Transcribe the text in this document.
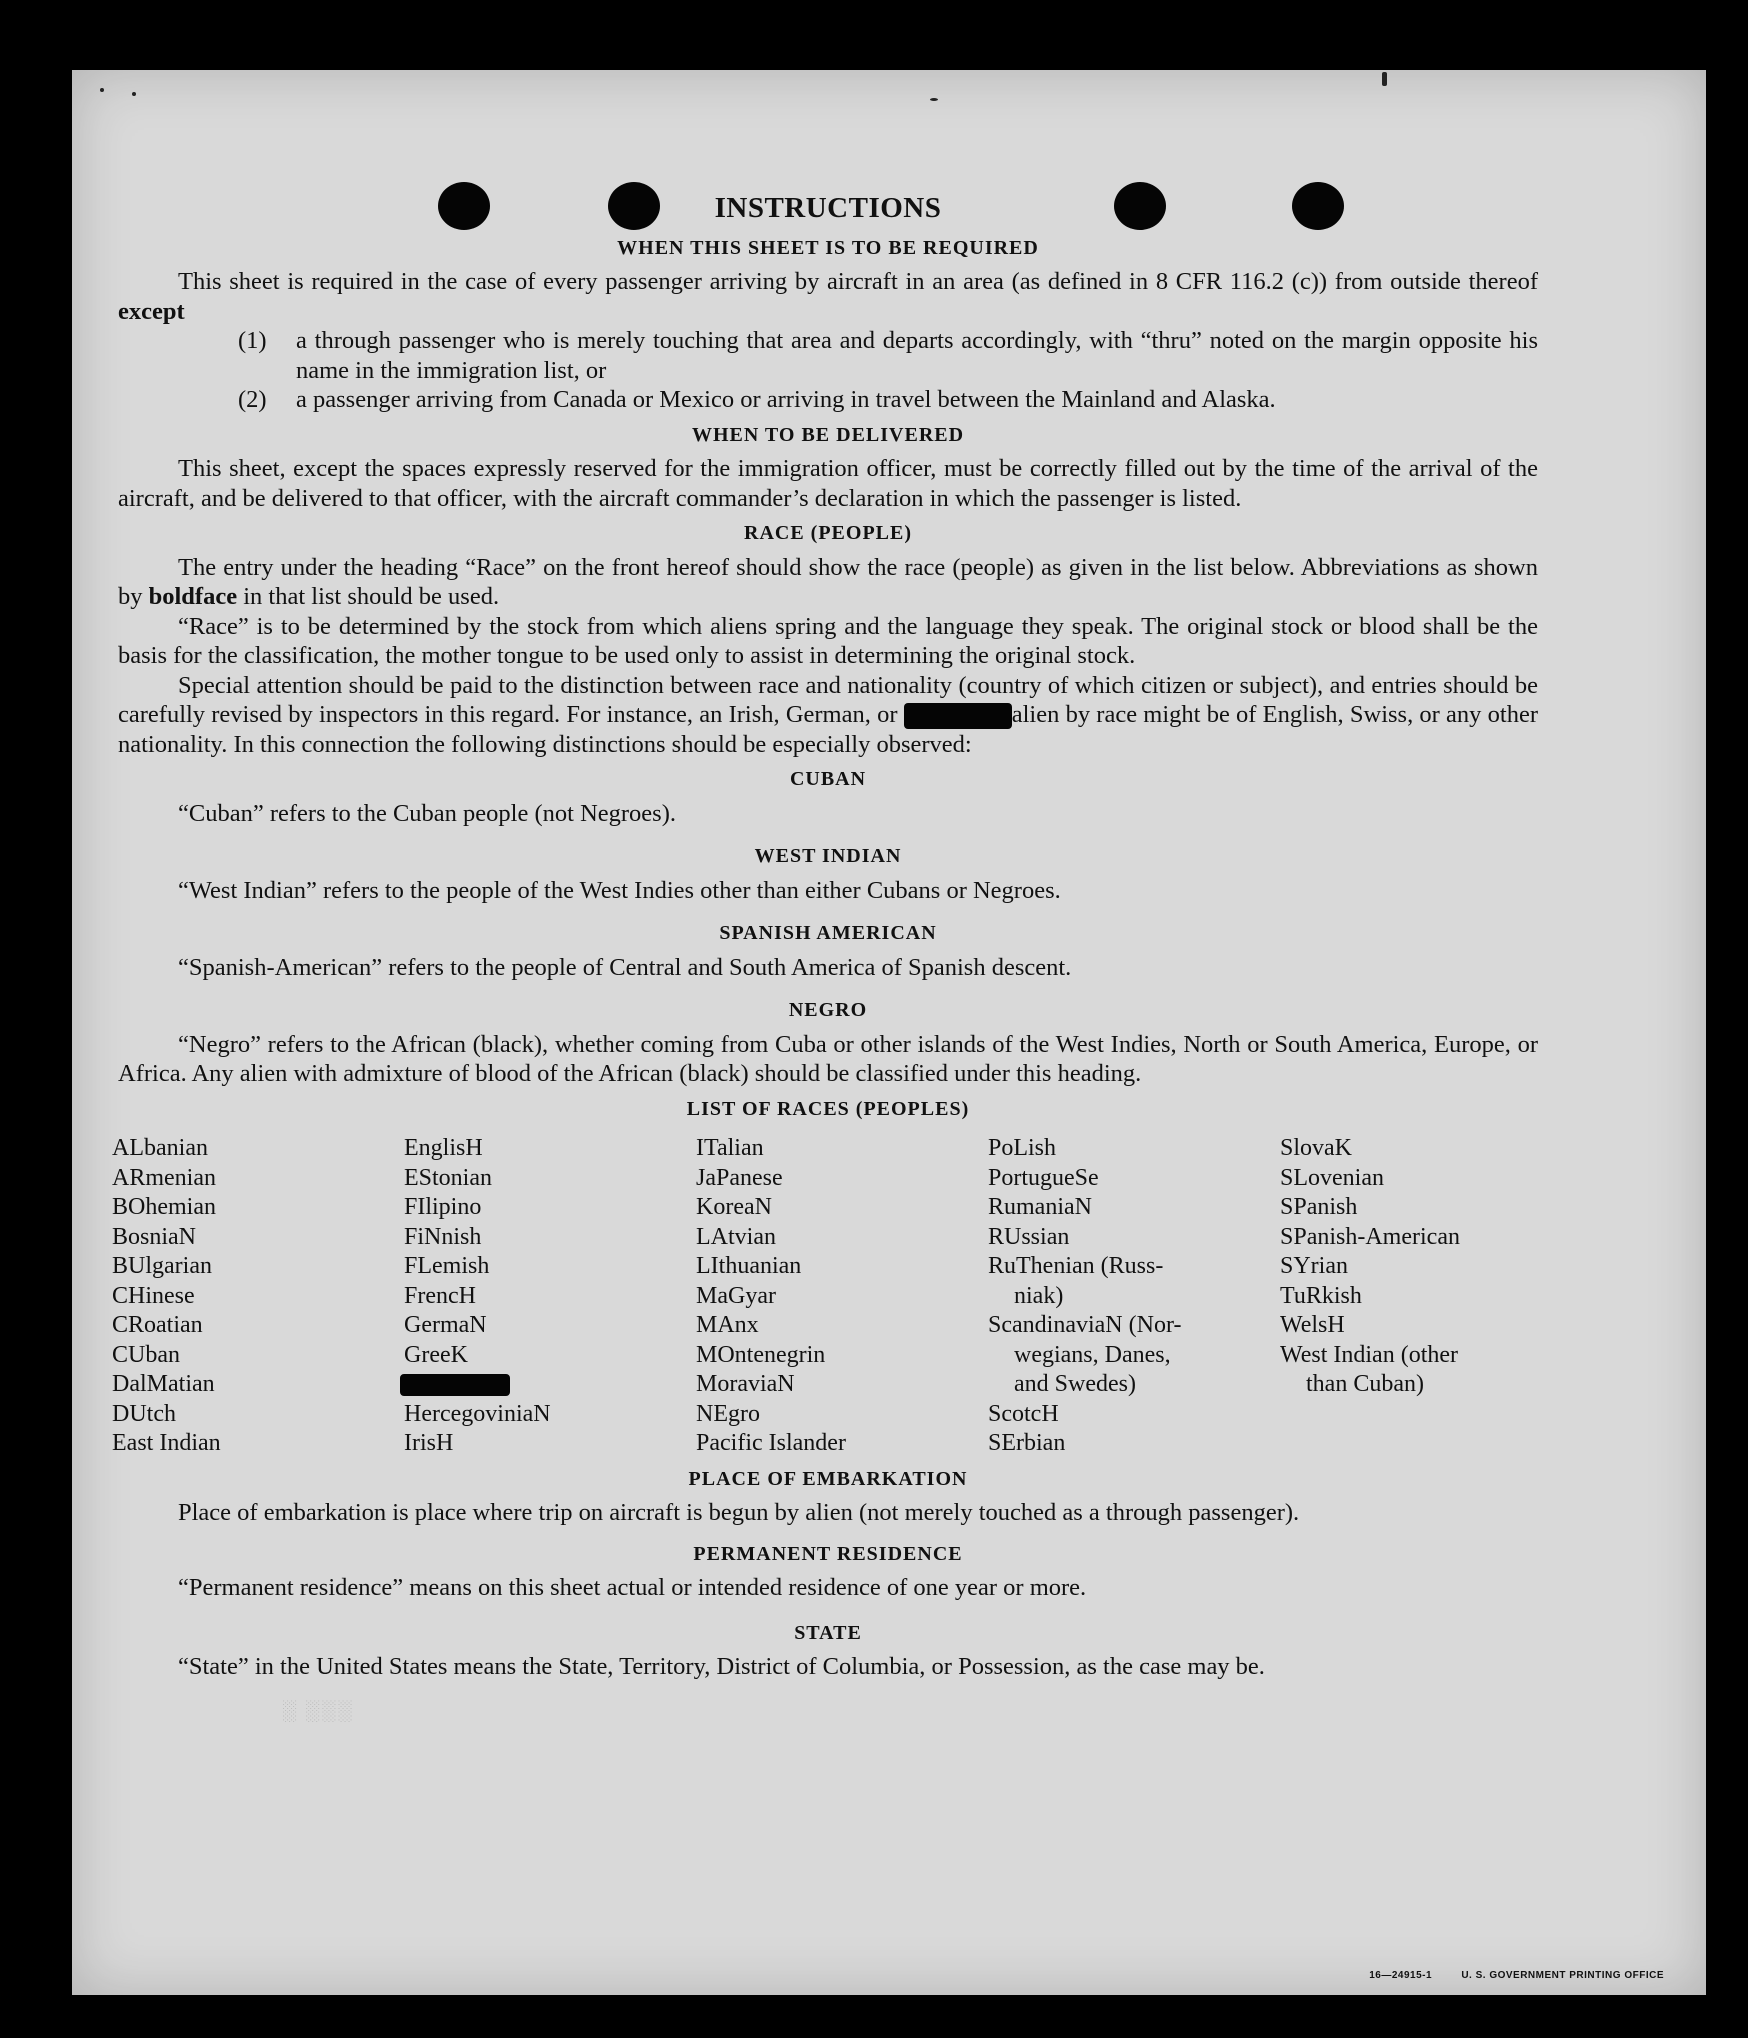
░ ░░░
16—24915-1	U. S. GOVERNMENT PRINTING OFFICE
INSTRUCTIONS
WHEN THIS SHEET IS TO BE REQUIRED

This sheet is required in the case of every passenger arriving by aircraft in an area (as defined in 8 CFR 116.2 (c)) from outside thereof except

(1)	a through passenger who is merely touching that area and departs accordingly, with “thru” noted on the margin opposite his name in the immigration list, or
(2)	a passenger arriving from Canada or Mexico or arriving in travel between the Mainland and Alaska.
WHEN TO BE DELIVERED

This sheet, except the spaces expressly reserved for the immigration officer, must be correctly filled out by the time of the arrival of the aircraft, and be delivered to that officer, with the aircraft commander’s declaration in which the passenger is listed.

RACE (PEOPLE)

The entry under the heading “Race” on the front hereof should show the race (people) as given in the list below. Abbreviations as shown by boldface in that list should be used.

“Race” is to be determined by the stock from which aliens spring and the language they speak. The original stock or blood shall be the basis for the classification, the mother tongue to be used only to assist in determining the original stock.

Special attention should be paid to the distinction between race and nationality (country of which citizen or subject), and entries should be carefully revised by inspectors in this regard. For instance, an Irish, German, or	alien by race might be of English, Swiss, or any other nationality. In this connection the following distinctions should be especially observed:

CUBAN

“Cuban” refers to the Cuban people (not Negroes).

WEST INDIAN

“West Indian” refers to the people of the West Indies other than either Cubans or Negroes.

SPANISH AMERICAN

“Spanish-American” refers to the people of Central and South America of Spanish descent.

NEGRO

“Negro” refers to the African (black), whether coming from Cuba or other islands of the West Indies, North or South America, Europe, or Africa. Any alien with admixture of blood of the African (black) should be classified under this heading.

LIST OF RACES (PEOPLES)
ALbanian
ARmenian
BOhemian
BosniaN
BUlgarian
CHinese
CRoatian
CUban
DalMatian
DUtch
East Indian
EnglisH
EStonian
FIlipino
FiNnish
FLemish
FrencH
GermaN
GreeK
HercegoviniaN
IrisH
ITalian
JaPanese
KoreaN
LAtvian
LIthuanian
MaGyar
MAnx
MOntenegrin
MoraviaN
NEgro
Pacific Islander
PoLish
PortugueSe
RumaniaN
RUssian
RuThenian (Russ-
niak)
ScandinaviaN (Nor-
wegians, Danes,
and Swedes)
ScotcH
SErbian
SlovaK
SLovenian
SPanish
SPanish-American
SYrian
TuRkish
WelsH
West Indian (other
than Cuban)
PLACE OF EMBARKATION

Place of embarkation is place where trip on aircraft is begun by alien (not merely touched as a through passenger).

PERMANENT RESIDENCE

“Permanent residence” means on this sheet actual or intended residence of one year or more.

STATE

“State” in the United States means the State, Territory, District of Columbia, or Possession, as the case may be.
